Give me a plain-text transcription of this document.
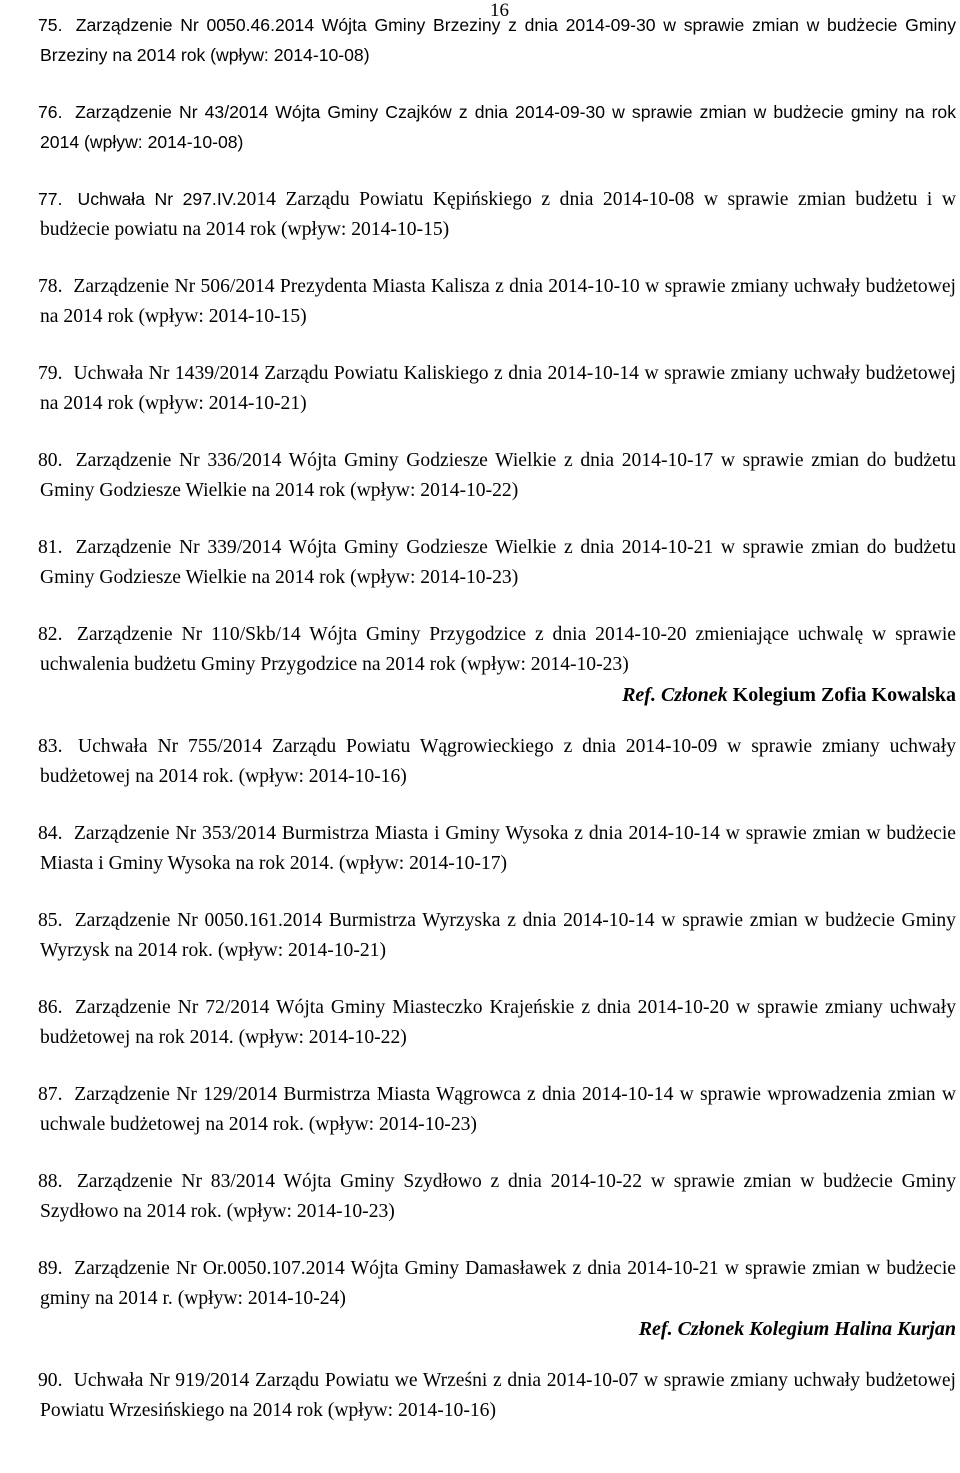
16
75. Zarządzenie Nr 0050.46.2014 Wójta Gminy Brzeziny z dnia 2014-09-30 w sprawie zmian w budżecie Gminy Brzeziny na 2014 rok (wpływ: 2014-10-08)
76. Zarządzenie Nr 43/2014 Wójta Gminy Czajków z dnia 2014-09-30 w sprawie zmian w budżecie gminy na rok 2014 (wpływ: 2014-10-08)
77. Uchwała Nr 297.IV.2014 Zarządu Powiatu Kępińskiego z dnia 2014-10-08 w sprawie zmian budżetu i w budżecie powiatu na 2014 rok (wpływ: 2014-10-15)
78. Zarządzenie Nr 506/2014 Prezydenta Miasta Kalisza z dnia 2014-10-10 w sprawie zmiany uchwały budżetowej na 2014 rok (wpływ: 2014-10-15)
79. Uchwała Nr 1439/2014 Zarządu Powiatu Kaliskiego z dnia 2014-10-14 w sprawie zmiany uchwały budżetowej na 2014 rok (wpływ: 2014-10-21)
80. Zarządzenie Nr 336/2014 Wójta Gminy Godziesze Wielkie z dnia 2014-10-17 w sprawie zmian do budżetu Gminy Godziesze Wielkie na 2014 rok (wpływ: 2014-10-22)
81. Zarządzenie Nr 339/2014 Wójta Gminy Godziesze Wielkie z dnia 2014-10-21 w sprawie zmian do budżetu Gminy Godziesze Wielkie na 2014 rok (wpływ: 2014-10-23)
82. Zarządzenie Nr 110/Skb/14 Wójta Gminy Przygodzice z dnia 2014-10-20 zmieniające uchwalę w sprawie uchwalenia budżetu Gminy Przygodzice na 2014 rok (wpływ: 2014-10-23)
Ref. Członek Kolegium Zofia Kowalska
83. Uchwała Nr 755/2014 Zarządu Powiatu Wągrowieckiego z dnia 2014-10-09 w sprawie zmiany uchwały budżetowej na 2014 rok. (wpływ: 2014-10-16)
84. Zarządzenie Nr 353/2014 Burmistrza Miasta i Gminy Wysoka z dnia 2014-10-14 w sprawie zmian w budżecie Miasta i Gminy Wysoka na rok 2014. (wpływ: 2014-10-17)
85. Zarządzenie Nr 0050.161.2014 Burmistrza Wyrzyska z dnia 2014-10-14 w sprawie zmian w budżecie Gminy Wyrzysk na 2014 rok. (wpływ: 2014-10-21)
86. Zarządzenie Nr 72/2014 Wójta Gminy Miasteczko Krajeńskie z dnia 2014-10-20 w sprawie zmiany uchwały budżetowej na rok 2014. (wpływ: 2014-10-22)
87. Zarządzenie Nr 129/2014 Burmistrza Miasta Wągrowca z dnia 2014-10-14 w sprawie wprowadzenia zmian w uchwale budżetowej na 2014 rok. (wpływ: 2014-10-23)
88. Zarządzenie Nr 83/2014 Wójta Gminy Szydłowo z dnia 2014-10-22 w sprawie zmian w budżecie Gminy Szydłowo na 2014 rok. (wpływ: 2014-10-23)
89. Zarządzenie Nr Or.0050.107.2014 Wójta Gminy Damasławek z dnia 2014-10-21 w sprawie zmian w budżecie gminy na 2014 r. (wpływ: 2014-10-24)
Ref. Członek Kolegium Halina Kurjan
90. Uchwała Nr 919/2014 Zarządu Powiatu we Wrześni z dnia 2014-10-07 w sprawie zmiany uchwały budżetowej Powiatu Wrzesińskiego na 2014 rok (wpływ: 2014-10-16)
